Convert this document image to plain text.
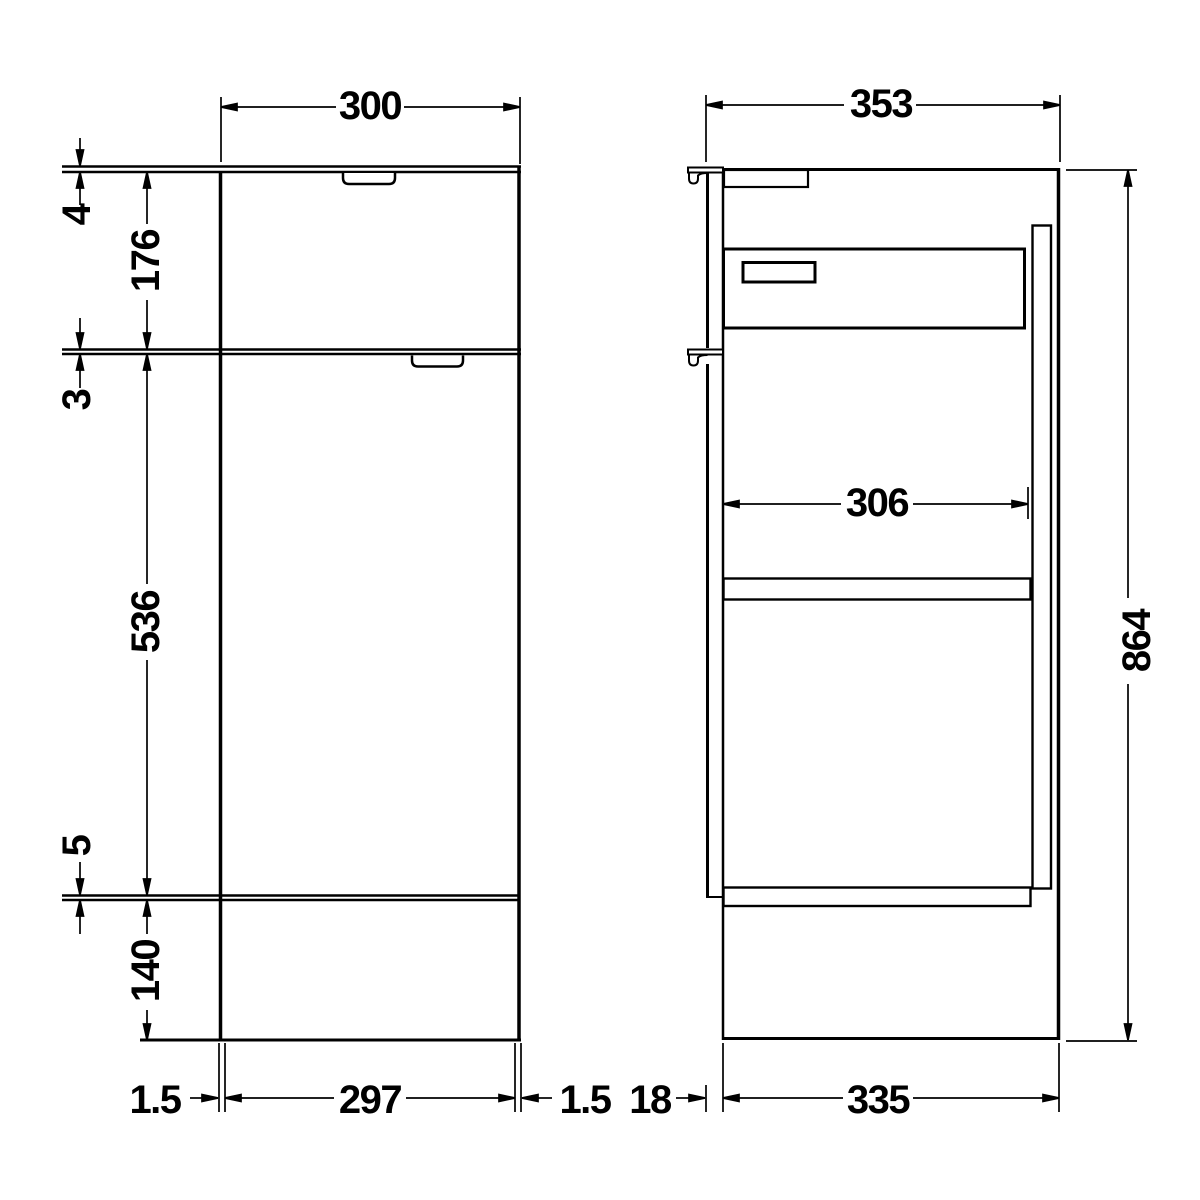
300
4
176
3
536
5
140
1.5	297	1.5
353
306
864
18	335
